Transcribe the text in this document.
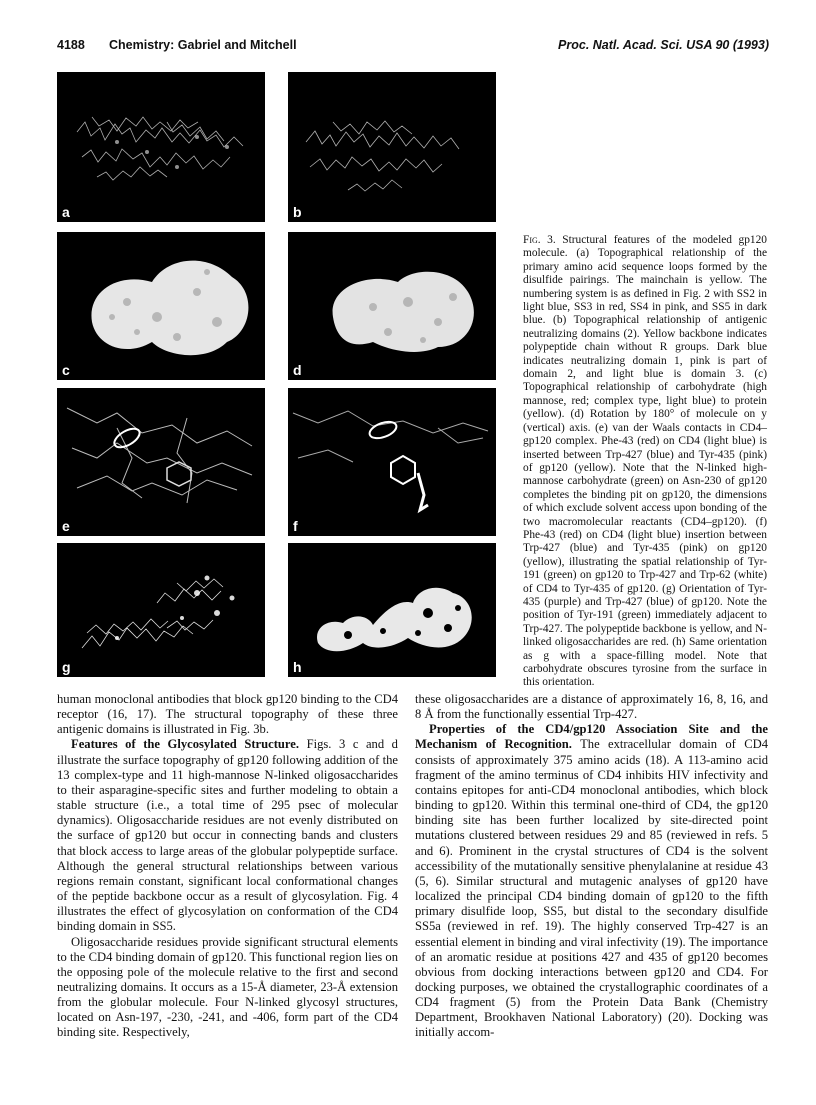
4188 Chemistry: Gabriel and Mitchell	Proc. Natl. Acad. Sci. USA 90 (1993)
a	b
c	d
e	f
g	h
Fig. 3. Structural features of the modeled gp120 molecule. (a) Topographical relationship of the primary amino acid sequence loops formed by the disulfide pairings. The mainchain is yellow. The numbering system is as defined in Fig. 2 with SS2 in light blue, SS3 in red, SS4 in pink, and SS5 in dark blue. (b) Topographical relationship of antigenic neutralizing domains (2). Yellow backbone indicates polypeptide chain without R groups. Dark blue indicates neutralizing domain 1, pink is part of domain 2, and light blue is domain 3. (c) Topographical relationship of carbohydrate (high mannose, red; complex type, light blue) to protein (yellow). (d) Rotation by 180° of molecule on y (vertical) axis. (e) van der Waals contacts in CD4–gp120 complex. Phe-43 (red) on CD4 (light blue) is inserted between Trp-427 (blue) and Tyr-435 (pink) of gp120 (yellow). Note that the N-linked high-mannose carbohydrate (green) on Asn-230 of gp120 completes the binding pit on gp120, the dimensions of which exclude solvent access upon bonding of the two macromolecular reactants (CD4–gp120). (f) Phe-43 (red) on CD4 (light blue) insertion between Trp-427 (blue) and Tyr-435 (pink) on gp120 (yellow), illustrating the spatial relationship of Tyr-191 (green) on gp120 to Trp-427 and Trp-62 (white) of CD4 to Tyr-435 of gp120. (g) Orientation of Tyr-435 (purple) and Trp-427 (blue) of gp120. Note the position of Tyr-191 (green) immediately adjacent to Trp-427. The polypeptide backbone is yellow, and N-linked oligosaccharides are red. (h) Same orientation as g with a space-filling model. Note that carbohydrate obscures tyrosine from the surface in this orientation.

human monoclonal antibodies that block gp120 binding to the CD4 receptor (16, 17). The structural topography of these three antigenic domains is illustrated in Fig. 3b.

Features of the Glycosylated Structure. Figs. 3 c and d illustrate the surface topography of gp120 following addition of the 13 complex-type and 11 high-mannose N-linked oligosaccharides to their asparagine-specific sites and further modeling to obtain a stable structure (i.e., a total time of 295 psec of molecular dynamics). Oligosaccharide residues are not evenly distributed on the surface of gp120 but occur in connecting bands and clusters that block access to large areas of the globular polypeptide surface. Although the general structural relationships between various regions remain constant, significant local conformational changes of the peptide backbone occur as a result of glycosylation. Fig. 4 illustrates the effect of glycosylation on conformation of the CD4 binding domain in SS5.

Oligosaccharide residues provide significant structural elements to the CD4 binding domain of gp120. This functional region lies on the opposing pole of the molecule relative to the first and second neutralizing domains. It occurs as a 15-Å diameter, 23-Å extension from the globular molecule. Four N-linked glycosyl structures, located on Asn-197, -230, -241, and -406, form part of the CD4 binding site. Respectively,

these oligosaccharides are a distance of approximately 16, 8, 16, and 8 Å from the functionally essential Trp-427.

Properties of the CD4/gp120 Association Site and the Mechanism of Recognition. The extracellular domain of CD4 consists of approximately 375 amino acids (18). A 113-amino acid fragment of the amino terminus of CD4 inhibits HIV infectivity and contains epitopes for anti-CD4 monoclonal antibodies, which block binding to gp120. Within this terminal one-third of CD4, the gp120 binding site has been further localized by site-directed point mutations clustered between residues 29 and 85 (reviewed in refs. 5 and 6). Prominent in the crystal structures of CD4 is the solvent accessibility of the mutationally sensitive phenylalanine at residue 43 (5, 6). Similar structural and mutagenic analyses of gp120 have localized the principal CD4 binding domain of gp120 to the fifth primary disulfide loop, SS5, but distal to the secondary disulfide SS5a (reviewed in ref. 19). The highly conserved Trp-427 is an essential element in binding and viral infectivity (19). The importance of an aromatic residue at positions 427 and 435 of gp120 becomes obvious from docking interactions between gp120 and CD4. For docking purposes, we obtained the crystallographic coordinates of a CD4 fragment (5) from the Protein Data Bank (Chemistry Department, Brookhaven National Laboratory) (20). Docking was initially accom-
